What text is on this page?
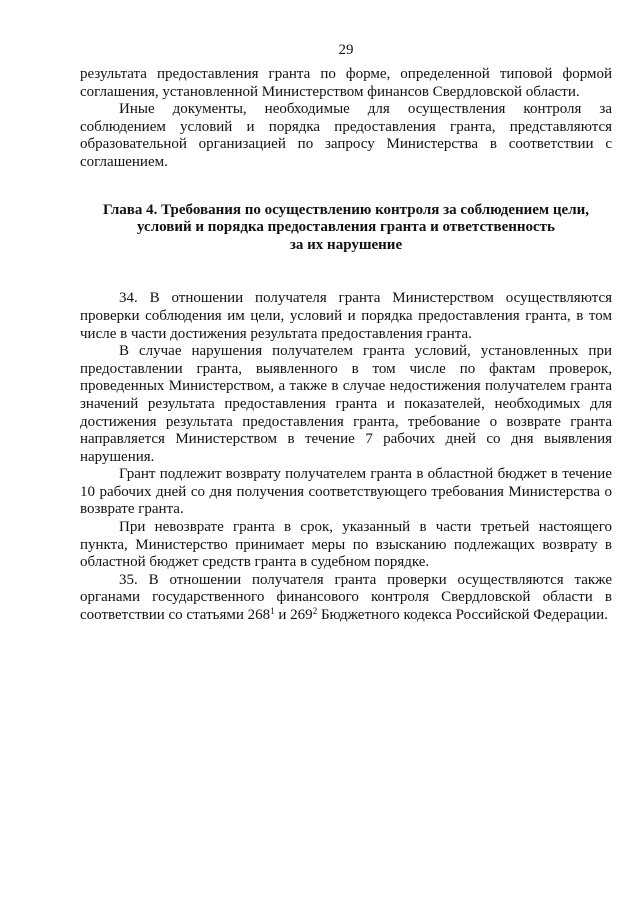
29

результата предоставления гранта по форме, определенной типовой формой соглашения, установленной Министерством финансов Свердловской области.

Иные документы, необходимые для осуществления контроля за соблюдением условий и порядка предоставления гранта, представляются образовательной организацией по запросу Министерства в соответствии с соглашением.

Глава 4. Требования по осуществлению контроля за соблюдением цели,
условий и порядка предоставления гранта и ответственность
за их нарушение

34. В отношении получателя гранта Министерством осуществляются проверки соблюдения им цели, условий и порядка предоставления гранта, в том числе в части достижения результата предоставления гранта.

В случае нарушения получателем гранта условий, установленных при предоставлении гранта, выявленного в том числе по фактам проверок, проведенных Министерством, а также в случае недостижения получателем гранта значений результата предоставления гранта и показателей, необходимых для достижения результата предоставления гранта, требование о возврате гранта направляется Министерством в течение 7 рабочих дней со дня выявления нарушения.

Грант подлежит возврату получателем гранта в областной бюджет в течение 10 рабочих дней со дня получения соответствующего требования Министерства о возврате гранта.

При невозврате гранта в срок, указанный в части третьей настоящего пункта, Министерство принимает меры по взысканию подлежащих возврату в областной бюджет средств гранта в судебном порядке.

35. В отношении получателя гранта проверки осуществляются также органами государственного финансового контроля Свердловской области в соответствии со статьями $268^1$ и $269^2$ Бюджетного кодекса Российской Федерации.
